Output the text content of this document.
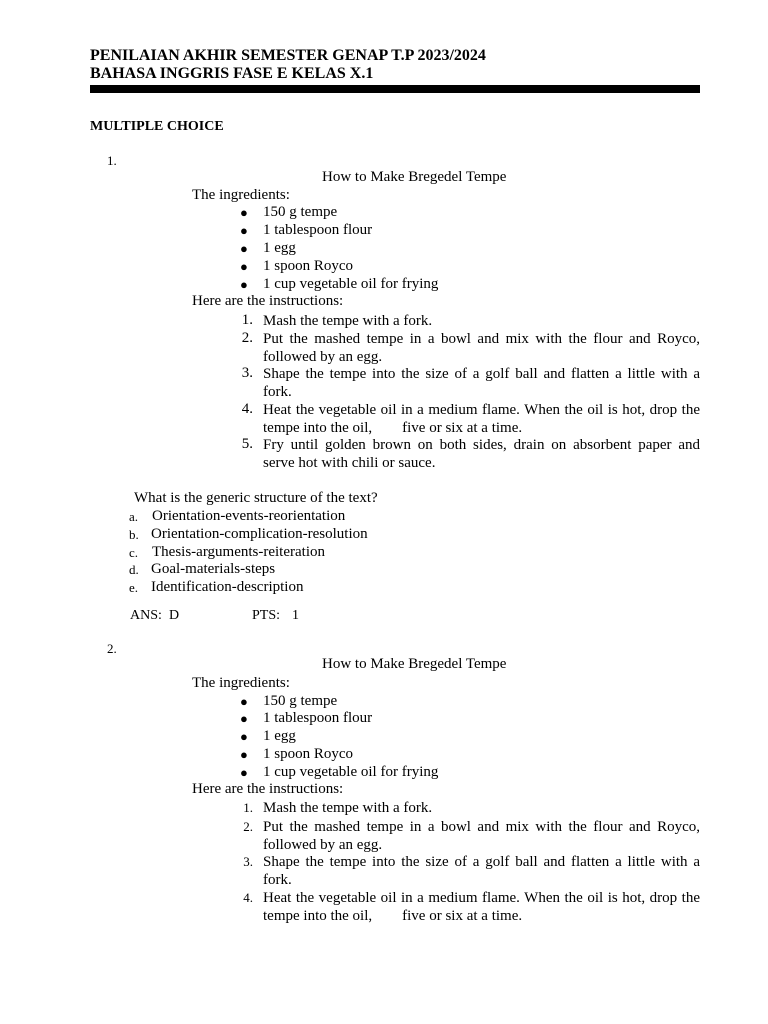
PENILAIAN AKHIR SEMESTER GENAP T.P 2023/2024
BAHASA INGGRIS FASE E KELAS X.1
MULTIPLE CHOICE
1.
How to Make Bregedel Tempe
The ingredients:
● 150 g tempe
● 1 tablespoon flour
● 1 egg
● 1 spoon Royco
● 1 cup vegetable oil for frying
Here are the instructions:
1. Mash the tempe with a fork.
2. Put the mashed tempe in a bowl and mix with the flour and Royco, followed by an egg.
3. Shape the tempe into the size of a golf ball and flatten a little with a fork.
4. Heat the vegetable oil in a medium flame. When the oil is hot, drop the tempe into the oil,  five or six at a time.
5. Fry until golden brown on both sides, drain on absorbent paper and serve hot with chili or sauce.
What is the generic structure of the text?
a. Orientation-events-reorientation
b. Orientation-complication-resolution
c. Thesis-arguments-reiteration
d. Goal-materials-steps
e. Identification-description
ANS: D	PTS: 1
2.
How to Make Bregedel Tempe
The ingredients:
● 150 g tempe
● 1 tablespoon flour
● 1 egg
● 1 spoon Royco
● 1 cup vegetable oil for frying
Here are the instructions:
1. Mash the tempe with a fork.
2. Put the mashed tempe in a bowl and mix with the flour and Royco, followed by an egg.
3. Shape the tempe into the size of a golf ball and flatten a little with a fork.
4. Heat the vegetable oil in a medium flame. When the oil is hot, drop the tempe into the oil,  five or six at a time.
